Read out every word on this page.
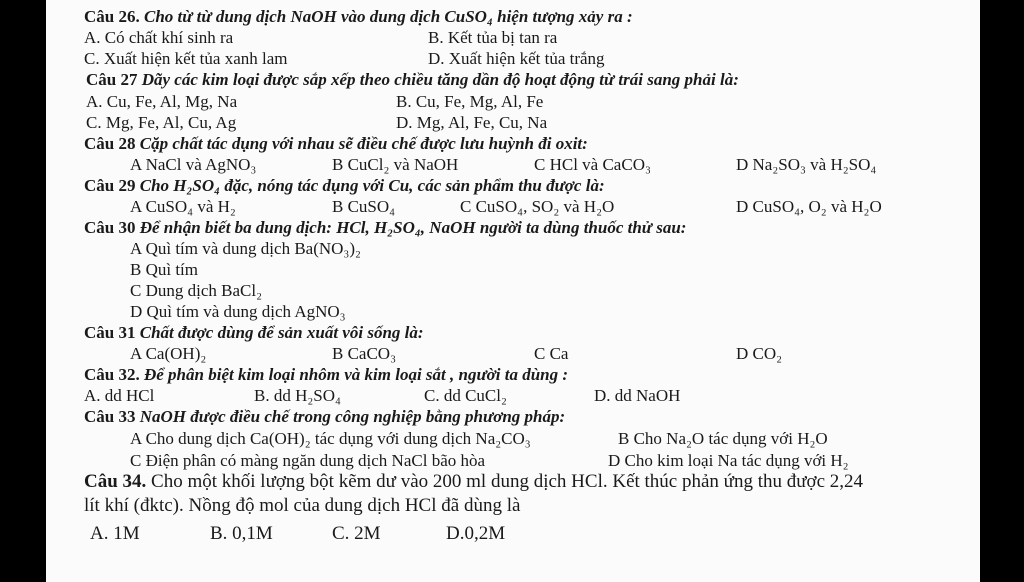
Câu 26. Cho từ từ dung dịch NaOH vào dung dịch CuSO₄ hiện tượng xảy ra :
A. Có chất khí sinh ra	B. Kết tủa bị tan ra
C. Xuất hiện kết tủa xanh lam	D. Xuất hiện kết tủa trắng
Câu 27 Dãy các kim loại được sắp xếp theo chiều tăng dần độ hoạt động từ trái sang phải là:
A. Cu, Fe, Al, Mg, Na	B. Cu, Fe, Mg, Al, Fe
C. Mg, Fe, Al, Cu, Ag	D. Mg, Al, Fe, Cu, Na
Câu 28 Cặp chất tác dụng với nhau sẽ điều chế được lưu huỳnh đi oxit:
A NaCl và AgNO₃	B CuCl₂ và NaOH	C HCl và CaCO₃	D Na₂SO₃ và H₂SO₄
Câu 29 Cho H₂SO₄ đặc, nóng tác dụng với Cu, các sản phẩm thu được là:
A CuSO₄ và H₂	B CuSO₄	C CuSO₄, SO₂ và H₂O	D CuSO₄, O₂ và H₂O
Câu 30 Để nhận biết ba dung dịch: HCl, H₂SO₄, NaOH người ta dùng thuốc thử sau:
A Quì tím và dung dịch Ba(NO₃)₂
B Quì tím
C Dung dịch BaCl₂
D Quì tím và dung dịch AgNO₃
Câu 31 Chất được dùng để sản xuất vôi sống là:
A Ca(OH)₂	B CaCO₃	C Ca	D CO₂
Câu 32. Để phân biệt kim loại nhôm và kim loại sắt , người ta dùng :
A. dd HCl	B. dd H₂SO₄	C. dd CuCl₂	D. dd NaOH
Câu 33 NaOH được điều chế trong công nghiệp bằng phương pháp:
A Cho dung dịch Ca(OH)₂ tác dụng với dung dịch Na₂CO₃	B Cho Na₂O tác dụng với H₂O
C Điện phân có màng ngăn dung dịch NaCl bão hòa	D Cho kim loại Na tác dụng với H₂
Câu 34. Cho một khối lượng bột kẽm dư vào 200 ml dung dịch HCl. Kết thúc phản ứng thu được 2,24
lít khí (đktc). Nồng độ mol của dung dịch HCl đã dùng là
A. 1M	B. 0,1M	C. 2M	D.0,2M
